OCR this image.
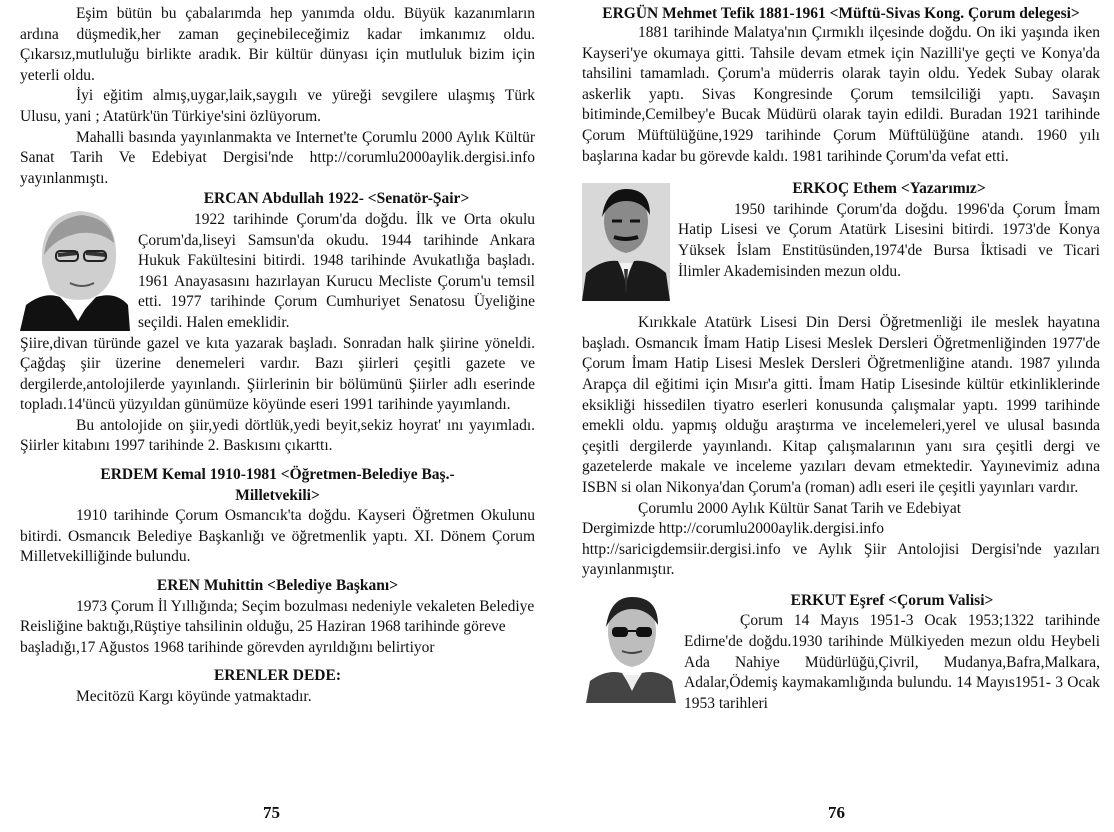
Eşim bütün bu çabalarımda hep yanımda oldu. Büyük kazanımların ardına düşmedik,her zaman geçinebileceğimiz kadar imkanımız oldu. Çıkarsız,mutluluğu birlikte aradık. Bir kültür dünyası için mutluluk bizim için yeterli oldu.

İyi eğitim almış,uygar,laik,saygılı ve yüreği sevgilere ulaşmış Türk Ulusu, yani ; Atatürk'ün Türkiye'sini özlüyorum.

Mahalli basında yayınlanmakta ve Internet'te Çorumlu 2000 Aylık Kültür Sanat Tarih Ve Edebiyat Dergisi'nde http://corumlu2000aylik.dergisi.info yayınlanmıştı.

ERCAN Abdullah 1922- <Senatör-Şair>

1922 tarihinde Çorum'da doğdu. İlk ve Orta okulu Çorum'da,liseyi Samsun'da okudu. 1944 tarihinde Ankara Hukuk Fakültesini bitirdi. 1948 tarihinde Avukatlığa başladı. 1961 Anayasasını hazırlayan Kurucu Mecliste Çorum'u temsil etti. 1977 tarihinde Çorum Cumhuriyet Senatosu Üyeliğine seçildi. Halen emeklidir.

Şiire,divan türünde gazel ve kıta yazarak başladı. Sonradan halk şiirine yöneldi. Çağdaş şiir üzerine denemeleri vardır. Bazı şiirleri çeşitli gazete ve dergilerde,antolojilerde yayınlandı. Şiirlerinin bir bölümünü Şiirler adlı eserinde topladı.14'üncü yüzyıldan günümüze köyünde eseri 1991 tarihinde yayımlandı.

Bu antolojide on şiir,yedi dörtlük,yedi beyit,sekiz hoyrat' ını yayımladı. Şiirler kitabını 1997 tarihinde 2. Baskısını çıkarttı.

ERDEM Kemal 1910-1981 <Öğretmen-Belediye Baş.- Milletvekili>

1910 tarihinde Çorum Osmancık'ta doğdu. Kayseri Öğretmen Okulunu bitirdi. Osmancık Belediye Başkanlığı ve öğretmenlik yaptı. XI. Dönem Çorum Milletvekilliğinde bulundu.

EREN Muhittin <Belediye Başkanı>

1973 Çorum İl Yıllığında; Seçim bozulması nedeniyle vekaleten Belediye Reisliğine baktığı,Rüştiye tahsilinin olduğu, 25 Haziran 1968 tarihinde göreve başladığı,17 Ağustos 1968 tarihinde görevden ayrıldığını belirtiyor

ERENLER DEDE:

Mecitözü Kargı köyünde yatmaktadır.

75

ERGÜN Mehmet Tefik 1881-1961 <Müftü-Sivas Kong. Çorum delegesi>

1881 tarihinde Malatya'nın Çırmıklı ilçesinde doğdu. On iki yaşında iken Kayseri'ye okumaya gitti. Tahsile devam etmek için Nazilli'ye geçti ve Konya'da tahsilini tamamladı. Çorum'a müderris olarak tayin oldu. Yedek Subay olarak askerlik yaptı. Sivas Kongresinde Çorum temsilciliği yaptı. Savaşın bitiminde,Cemilbey'e Bucak Müdürü olarak tayin edildi. Buradan 1921 tarihinde Çorum Müftülüğüne,1929 tarihinde Çorum Müftülüğüne atandı. 1960 yılı başlarına kadar bu görevde kaldı. 1981 tarihinde Çorum'da vefat etti.

ERKOÇ Ethem <Yazarımız>

1950 tarihinde Çorum'da doğdu. 1996'da Çorum İmam Hatip Lisesi ve Çorum Atatürk Lisesini bitirdi. 1973'de Konya Yüksek İslam Enstitüsünden,1974'de Bursa İktisadi ve Ticari İlimler Akademisinden mezun oldu.

Kırıkkale Atatürk Lisesi Din Dersi Öğretmenliği ile meslek hayatına başladı. Osmancık İmam Hatip Lisesi Meslek Dersleri Öğretmenliğinden 1977'de Çorum İmam Hatip Lisesi Meslek Dersleri Öğretmenliğine atandı. 1987 yılında Arapça dil eğitimi için Mısır'a gitti. İmam Hatip Lisesinde kültür etkinliklerinde eksikliği hissedilen tiyatro eserleri konusunda çalışmalar yaptı. 1999 tarihinde emekli oldu. yapmış olduğu araştırma ve incelemeleri,yerel ve ulusal basında çeşitli dergilerde yayınlandı. Kitap çalışmalarının yanı sıra çeşitli dergi ve gazetelerde makale ve inceleme yazıları devam etmektedir. Yayınevimiz adına ISBN si olan Nikonya'dan Çorum'a (roman) adlı eseri ile çeşitli yayınları vardır.

Çorumlu 2000 Aylık Kültür Sanat Tarih ve Edebiyat

Dergimizde http://corumlu2000aylik.dergisi.info

http://saricigdemsiir.dergisi.info ve Aylık Şiir Antolojisi Dergisi'nde yazıları yayınlanmıştır.

ERKUT Eşref <Çorum Valisi>

Çorum 14 Mayıs 1951-3 Ocak 1953;1322 tarihinde Edirne'de doğdu.1930 tarihinde Mülkiyeden mezun oldu Heybeli Ada Nahiye Müdürlüğü,Çivril, Mudanya,Bafra,Malkara, Adalar,Ödemiş kaymakamlığında bulundu. 14 Mayıs1951- 3 Ocak 1953 tarihleri

76
